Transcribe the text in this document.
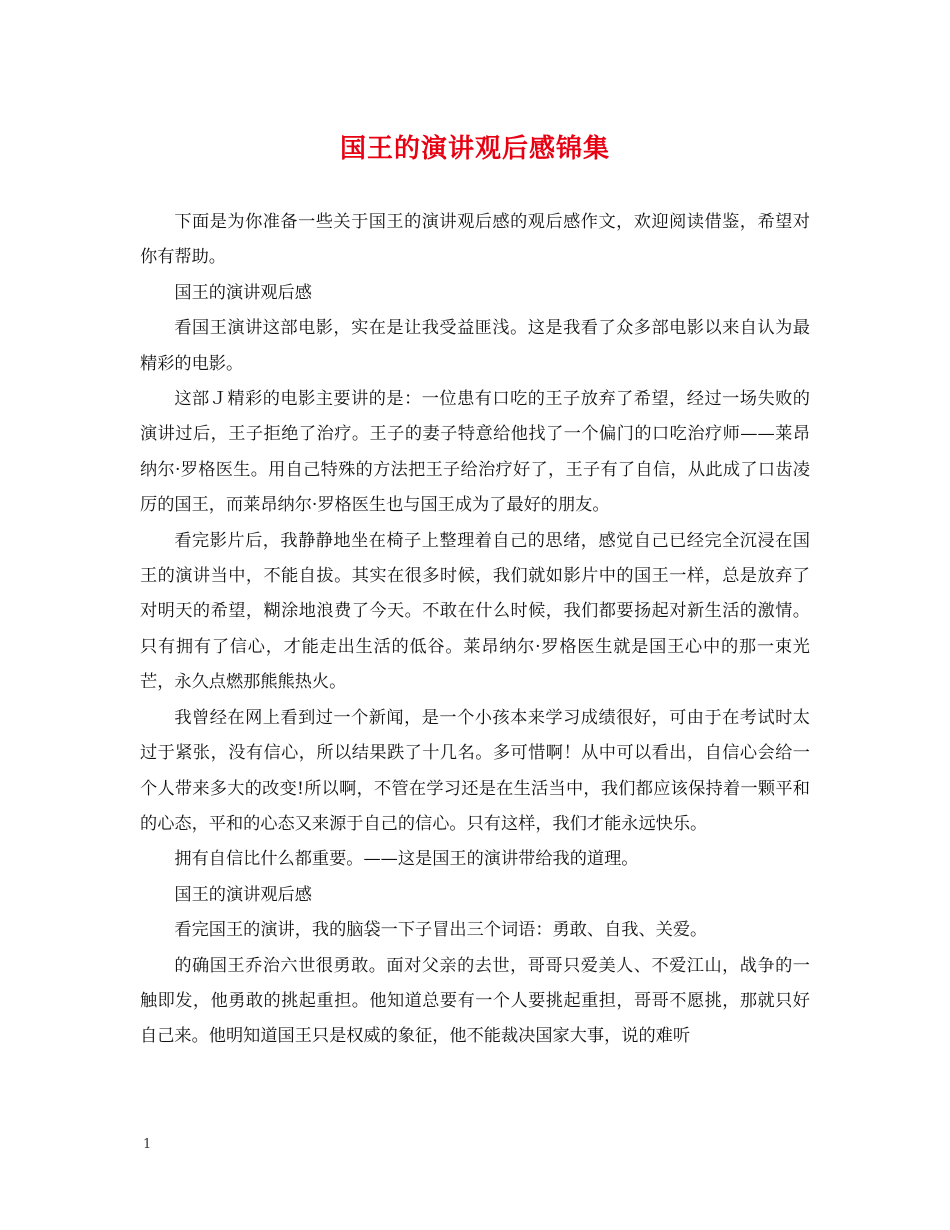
国王的演讲观后感锦集

下面是为你准备一些关于国王的演讲观后感的观后感作文，欢迎阅读借鉴，希望对你有帮助。

国王的演讲观后感

看国王演讲这部电影，实在是让我受益匪浅。这是我看了众多部电影以来自认为最精彩的电影。

这部Ｊ精彩的电影主要讲的是：一位患有口吃的王子放弃了希望，经过一场失败的演讲过后，王子拒绝了治疗。王子的妻子特意给他找了一个偏门的口吃治疗师——莱昂纳尔·罗格医生。用自己特殊的方法把王子给治疗好了，王子有了自信，从此成了口齿凌厉的国王，而莱昂纳尔·罗格医生也与国王成为了最好的朋友。

看完影片后，我静静地坐在椅子上整理着自己的思绪，感觉自己已经完全沉浸在国王的演讲当中，不能自拔。其实在很多时候，我们就如影片中的国王一样，总是放弃了对明天的希望，糊涂地浪费了今天。不敢在什么时候，我们都要扬起对新生活的激情。只有拥有了信心，才能走出生活的低谷。莱昂纳尔·罗格医生就是国王心中的那一束光芒，永久点燃那熊熊热火。

我曾经在网上看到过一个新闻，是一个小孩本来学习成绩很好，可由于在考试时太过于紧张，没有信心，所以结果跌了十几名。多可惜啊！从中可以看出，自信心会给一个人带来多大的改变!所以啊，不管在学习还是在生活当中，我们都应该保持着一颗平和的心态，平和的心态又来源于自己的信心。只有这样，我们才能永远快乐。

拥有自信比什么都重要。——这是国王的演讲带给我的道理。

国王的演讲观后感

看完国王的演讲，我的脑袋一下子冒出三个词语：勇敢、自我、关爱。

的确国王乔治六世很勇敢。面对父亲的去世，哥哥只爱美人、不爱江山，战争的一触即发，他勇敢的挑起重担。他知道总要有一个人要挑起重担，哥哥不愿挑，那就只好自己来。他明知道国王只是权威的象征，他不能裁决国家大事，说的难听

1
